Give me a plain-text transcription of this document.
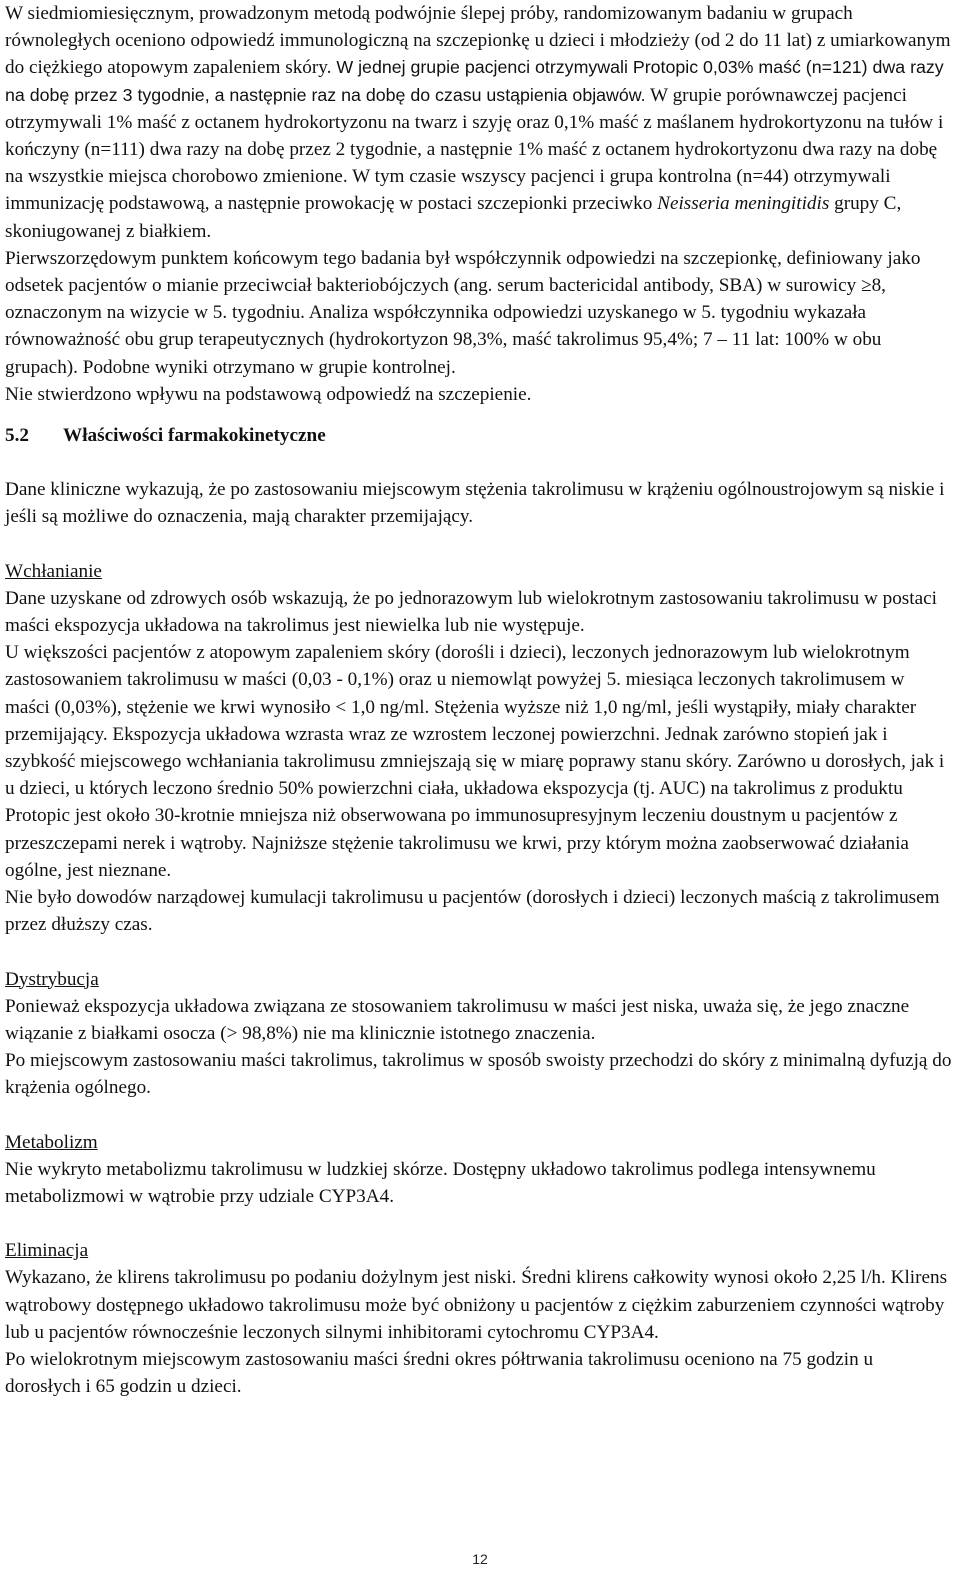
W siedmiomiesięcznym, prowadzonym metodą podwójnie ślepej próby, randomizowanym badaniu w grupach równoległych oceniono odpowiedź immunologiczną na szczepionkę u dzieci i młodzieży (od 2 do 11 lat) z umiarkowanym do ciężkiego atopowym zapaleniem skóry. W jednej grupie pacjenci otrzymywali Protopic 0,03% maść (n=121) dwa razy na dobę przez 3 tygodnie, a następnie raz na dobę do czasu ustąpienia objawów. W grupie porównawczej pacjenci otrzymywali 1% maść z octanem hydrokortyzonu na twarz i szyję oraz 0,1% maść z maślanem hydrokortyzonu na tułów i kończyny (n=111) dwa razy na dobę przez 2 tygodnie, a następnie 1% maść z octanem hydrokortyzonu dwa razy na dobę na wszystkie miejsca chorobowo zmienione. W tym czasie wszyscy pacjenci i grupa kontrolna (n=44) otrzymywali immunizację podstawową, a następnie prowokację w postaci szczepionki przeciwko Neisseria meningitidis grupy C, skoniugowanej z białkiem.

Pierwszorzędowym punktem końcowym tego badania był współczynnik odpowiedzi na szczepionkę, definiowany jako odsetek pacjentów o mianie przeciwciał bakteriobójczych (ang. serum bactericidal antibody, SBA) w surowicy ≥8, oznaczonym na wizycie w 5. tygodniu. Analiza współczynnika odpowiedzi uzyskanego w 5. tygodniu wykazała równoważność obu grup terapeutycznych (hydrokortyzon 98,3%, maść takrolimus 95,4%; 7 – 11 lat: 100% w obu grupach). Podobne wyniki otrzymano w grupie kontrolnej.

Nie stwierdzono wpływu na podstawową odpowiedź na szczepienie.

5.2	Właściwości farmakokinetyczne

Dane kliniczne wykazują, że po zastosowaniu miejscowym stężenia takrolimusu w krążeniu ogólnoustrojowym są niskie i jeśli są możliwe do oznaczenia, mają charakter przemijający.

Wchłanianie

Dane uzyskane od zdrowych osób wskazują, że po jednorazowym lub wielokrotnym zastosowaniu takrolimusu w postaci maści ekspozycja układowa na takrolimus jest niewielka lub nie występuje.

U większości pacjentów z atopowym zapaleniem skóry (dorośli i dzieci), leczonych jednorazowym lub wielokrotnym zastosowaniem takrolimusu w maści (0,03 - 0,1%) oraz u niemowląt powyżej 5. miesiąca leczonych takrolimusem w maści (0,03%), stężenie we krwi wynosiło < 1,0 ng/ml. Stężenia wyższe niż 1,0 ng/ml, jeśli wystąpiły, miały charakter przemijający. Ekspozycja układowa wzrasta wraz ze wzrostem leczonej powierzchni. Jednak zarówno stopień jak i szybkość miejscowego wchłaniania takrolimusu zmniejszają się w miarę poprawy stanu skóry. Zarówno u dorosłych, jak i u dzieci, u których leczono średnio 50% powierzchni ciała, układowa ekspozycja (tj. AUC) na takrolimus z produktu Protopic jest około 30-krotnie mniejsza niż obserwowana po immunosupresyjnym leczeniu doustnym u pacjentów z przeszczepami nerek i wątroby. Najniższe stężenie takrolimusu we krwi, przy którym można zaobserwować działania ogólne, jest nieznane.

Nie było dowodów narządowej kumulacji takrolimusu u pacjentów (dorosłych i dzieci) leczonych maścią z takrolimusem przez dłuższy czas.

Dystrybucja

Ponieważ ekspozycja układowa związana ze stosowaniem takrolimusu w maści jest niska, uważa się, że jego znaczne wiązanie z białkami osocza (> 98,8%) nie ma klinicznie istotnego znaczenia.

Po miejscowym zastosowaniu maści takrolimus, takrolimus w sposób swoisty przechodzi do skóry z minimalną dyfuzją do krążenia ogólnego.

Metabolizm

Nie wykryto metabolizmu takrolimusu w ludzkiej skórze. Dostępny układowo takrolimus podlega intensywnemu metabolizmowi w wątrobie przy udziale CYP3A4.

Eliminacja

Wykazano, że klirens takrolimusu po podaniu dożylnym jest niski. Średni klirens całkowity wynosi około 2,25 l/h. Klirens wątrobowy dostępnego układowo takrolimusu może być obniżony u pacjentów z ciężkim zaburzeniem czynności wątroby lub u pacjentów równocześnie leczonych silnymi inhibitorami cytochromu CYP3A4.

Po wielokrotnym miejscowym zastosowaniu maści średni okres półtrwania takrolimusu oceniono na 75 godzin u dorosłych i 65 godzin u dzieci.

12
